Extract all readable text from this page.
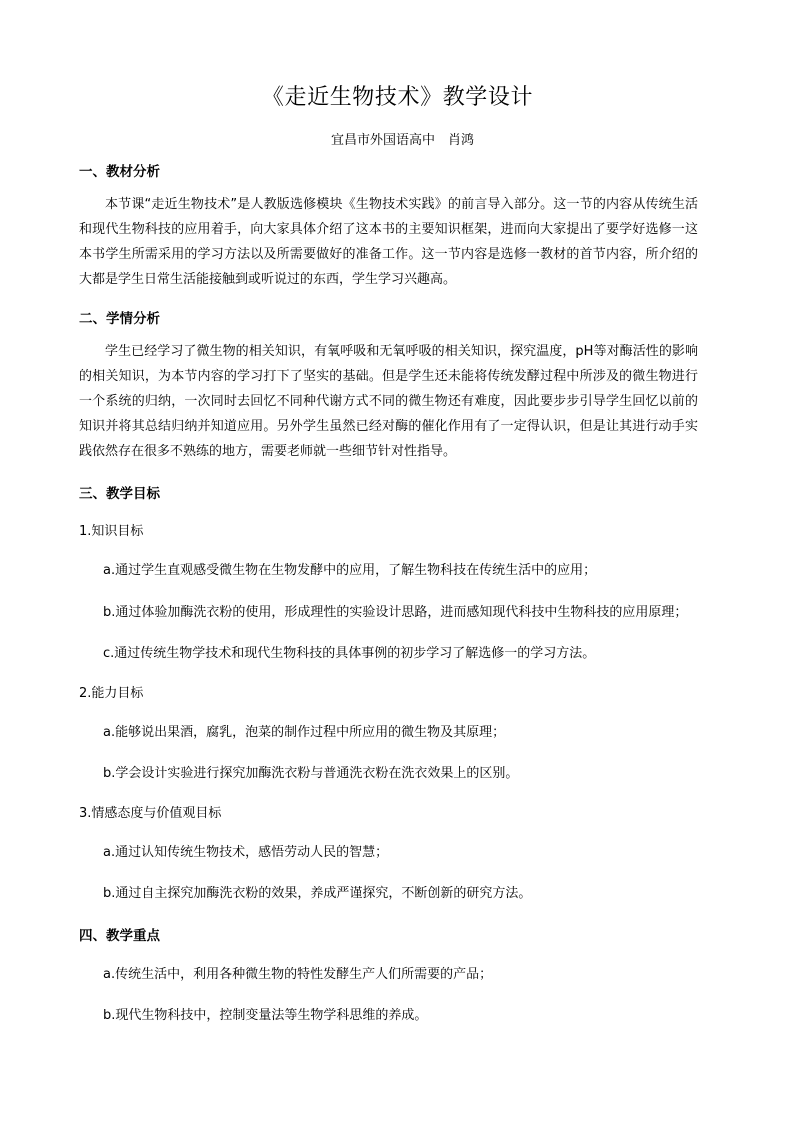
《走近生物技术》教学设计
宜昌市外国语高中　肖鸿
一、教材分析
本节课“走近生物技术”是人教版选修模块《生物技术实践》的前言导入部分。这一节的内容从传统生活和现代生物科技的应用着手，向大家具体介绍了这本书的主要知识框架，进而向大家提出了要学好选修一这本书学生所需采用的学习方法以及所需要做好的准备工作。这一节内容是选修一教材的首节内容，所介绍的大都是学生日常生活能接触到或听说过的东西，学生学习兴趣高。
二、学情分析
学生已经学习了微生物的相关知识，有氧呼吸和无氧呼吸的相关知识，探究温度，pH等对酶活性的影响的相关知识，为本节内容的学习打下了坚实的基础。但是学生还未能将传统发酵过程中所涉及的微生物进行一个系统的归纳，一次同时去回忆不同种代谢方式不同的微生物还有难度，因此要步步引导学生回忆以前的知识并将其总结归纳并知道应用。另外学生虽然已经对酶的催化作用有了一定得认识，但是让其进行动手实践依然存在很多不熟练的地方，需要老师就一些细节针对性指导。
三、教学目标
1.知识目标
a.通过学生直观感受微生物在生物发酵中的应用，了解生物科技在传统生活中的应用；
b.通过体验加酶洗衣粉的使用，形成理性的实验设计思路，进而感知现代科技中生物科技的应用原理；
c.通过传统生物学技术和现代生物科技的具体事例的初步学习了解选修一的学习方法。
2.能力目标
a.能够说出果酒，腐乳，泡菜的制作过程中所应用的微生物及其原理；
b.学会设计实验进行探究加酶洗衣粉与普通洗衣粉在洗衣效果上的区别。
3.情感态度与价值观目标
a.通过认知传统生物技术，感悟劳动人民的智慧；
b.通过自主探究加酶洗衣粉的效果，养成严谨探究，不断创新的研究方法。
四、教学重点
a.传统生活中，利用各种微生物的特性发酵生产人们所需要的产品；
b.现代生物科技中，控制变量法等生物学科思维的养成。
